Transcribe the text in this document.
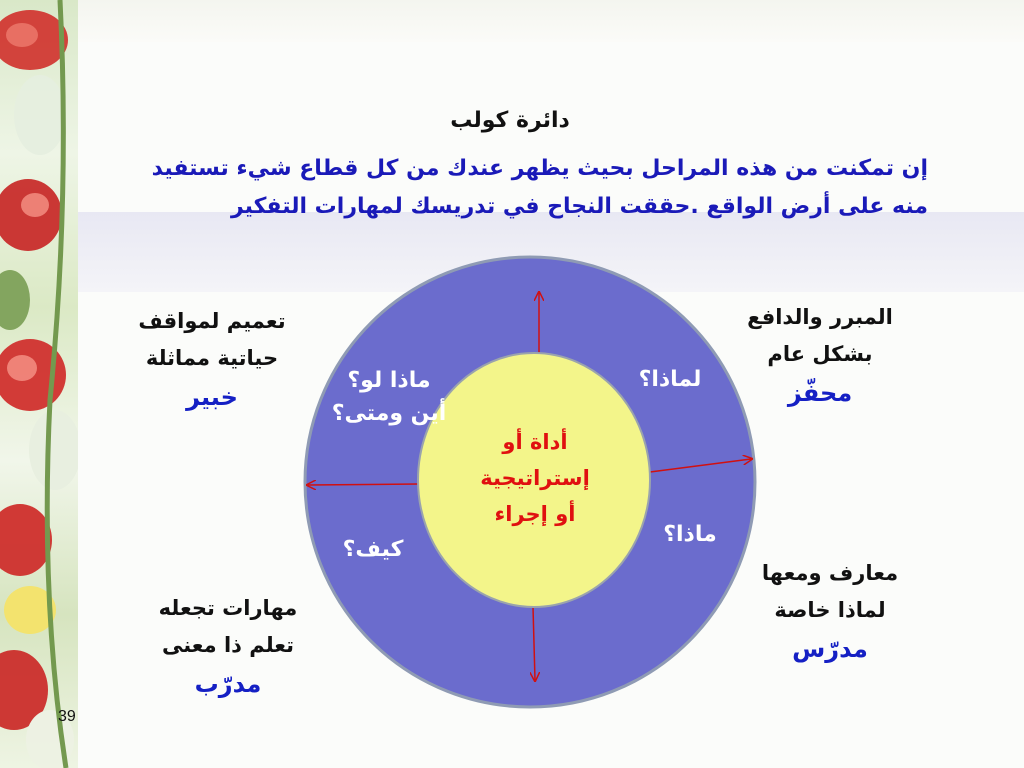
دائرة كولب
إن تمكنت من هذه المراحل بحيث يظهر عندك من كل قطاع شيء تستفيد منه على أرض الواقع .حققت النجاح في تدريسك لمهارات التفكير
لماذا؟
ماذا لو؟
أين ومتى؟
ماذا؟
كيف؟
أداة أو
إستراتيجية
أو إجراء
المبرر والدافع
بشكل عام
محفّز
تعميم لمواقف
حياتية مماثلة
خبير
معارف ومعها
لماذا خاصة
مدرّس
مهارات تجعله
تعلم ذا معنى
مدرّب
39
